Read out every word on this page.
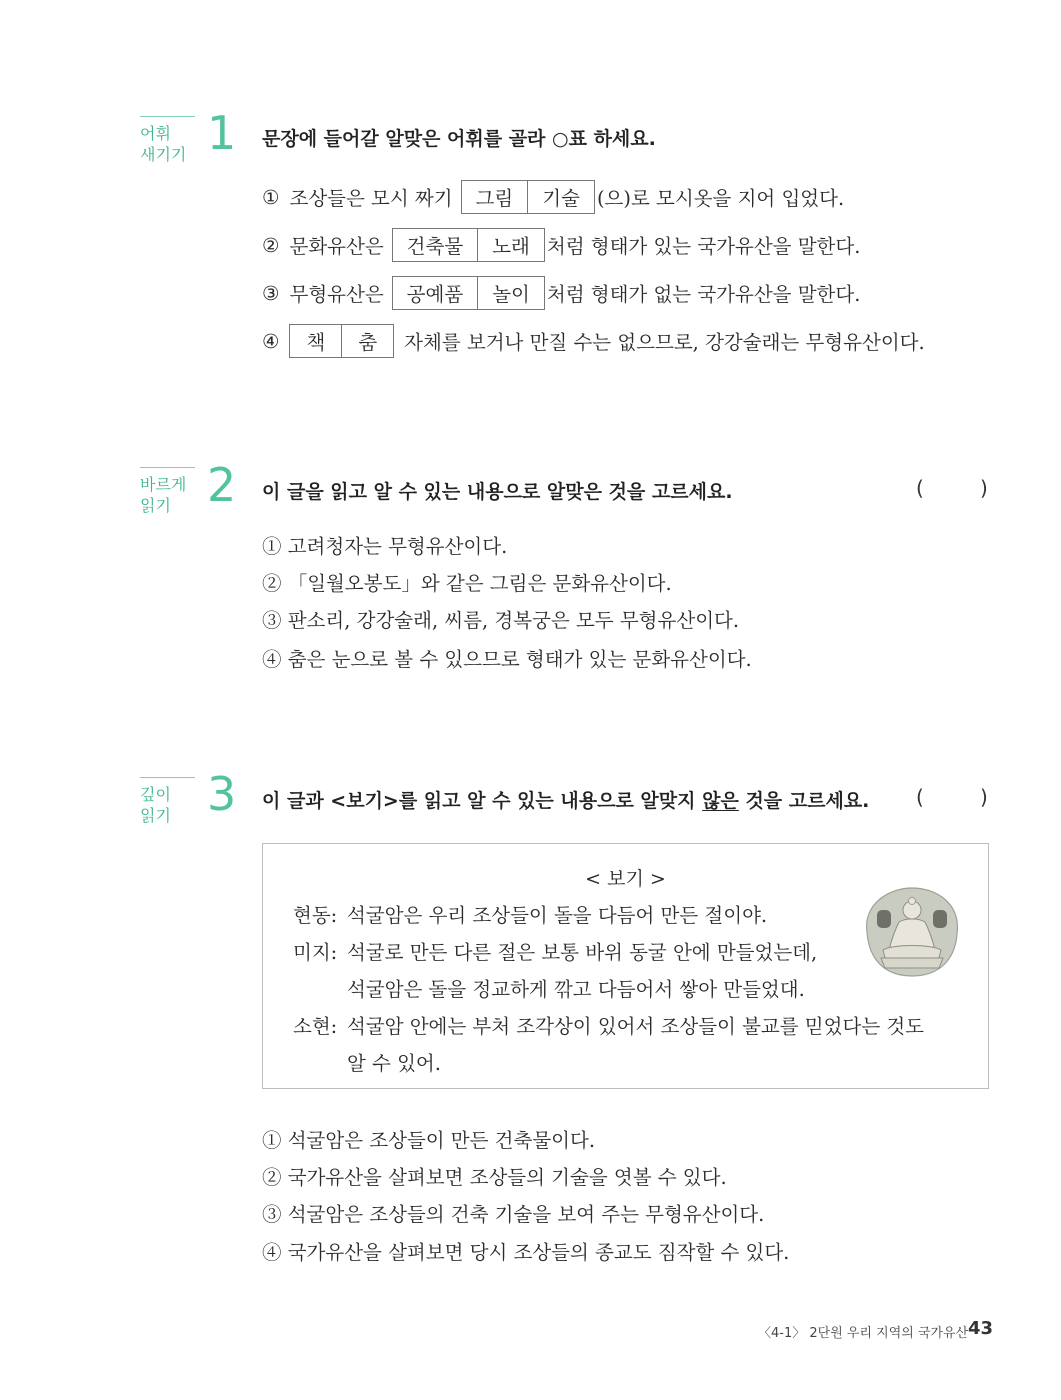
어휘
새기기 1 문장에 들어갈 알맞은 어휘를 골라 ○표 하세요.
① 조상들은 모시 짜기	그림	기술 (으)로 모시옷을 지어 입었다.
② 문화유산은	건축물	노래 처럼 형태가 있는 국가유산을 말한다.
③ 무형유산은	공예품	놀이 처럼 형태가 없는 국가유산을 말한다.
④	책	춤	자체를 보거나 만질 수는 없으므로, 강강술래는 무형유산이다.
바르게
읽기 2 이 글을 읽고 알 수 있는 내용으로 알맞은 것을 고르세요.	(	)
① 고려청자는 무형유산이다.
② 「일월오봉도」와 같은 그림은 문화유산이다.
③ 판소리, 강강술래, 씨름, 경복궁은 모두 무형유산이다.
④ 춤은 눈으로 볼 수 있으므로 형태가 있는 문화유산이다.
깊이
읽기 3 이 글과 <보기>를 읽고 알 수 있는 내용으로 알맞지 않은 것을 고르세요. (	)
< 보기 >
현동: 석굴암은 우리 조상들이 돌을 다듬어 만든 절이야.
미지: 석굴로 만든 다른 절은 보통 바위 동굴 안에 만들었는데,
석굴암은 돌을 정교하게 깎고 다듬어서 쌓아 만들었대.
소현: 석굴암 안에는 부처 조각상이 있어서 조상들이 불교를 믿었다는 것도
알 수 있어.
① 석굴암은 조상들이 만든 건축물이다.
② 국가유산을 살펴보면 조상들의 기술을 엿볼 수 있다.
③ 석굴암은 조상들의 건축 기술을 보여 주는 무형유산이다.
④ 국가유산을 살펴보면 당시 조상들의 종교도 짐작할 수 있다.
〈4-1〉 2단원 우리 지역의 국가유산 43
